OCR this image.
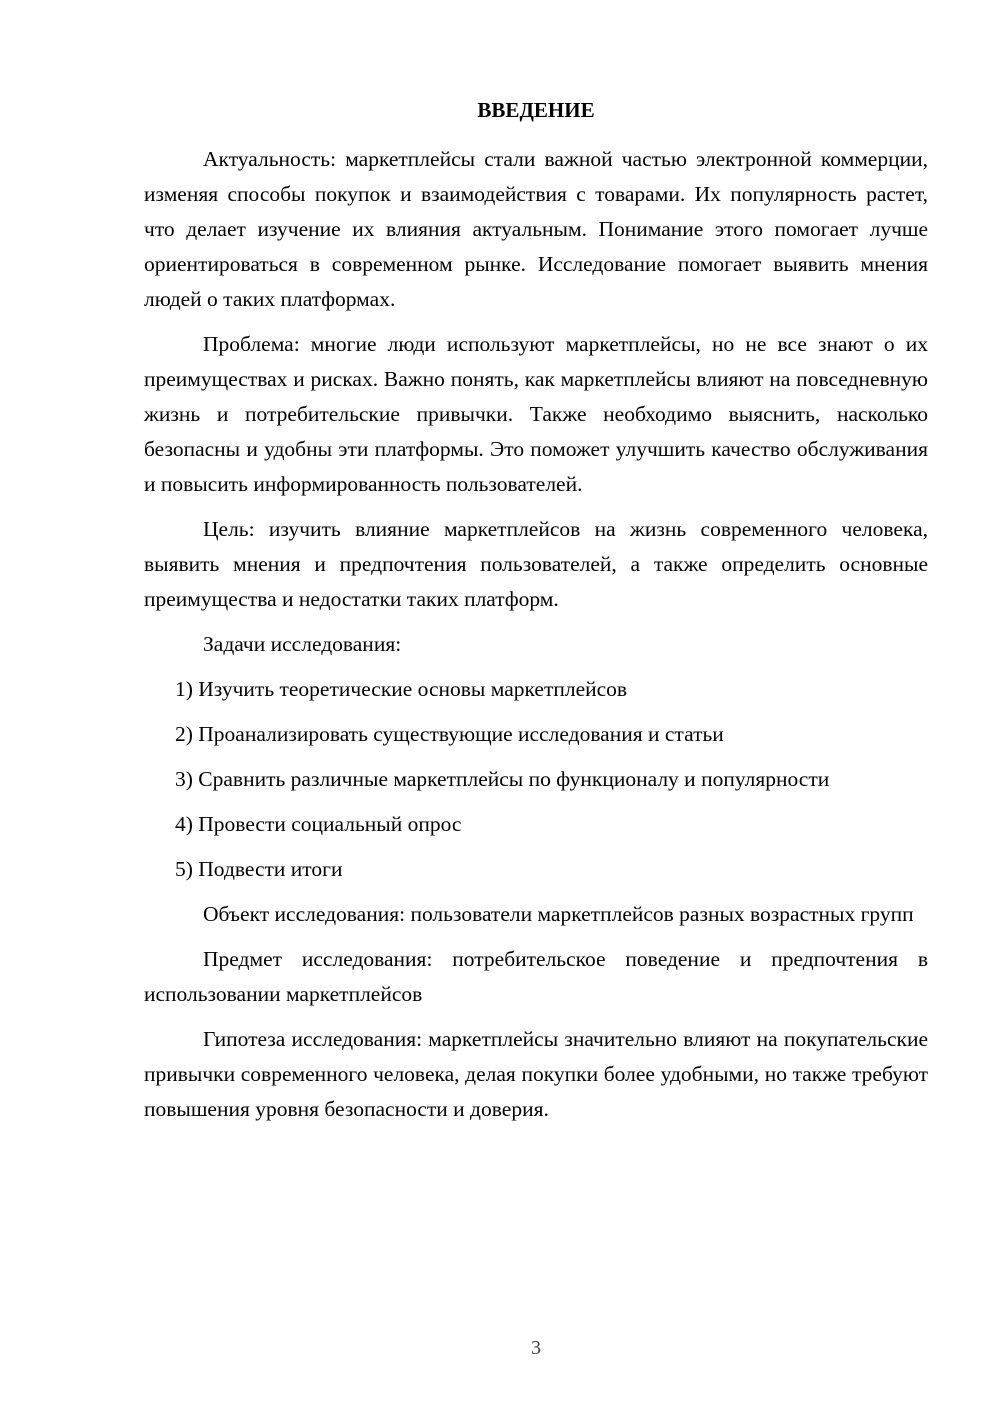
ВВЕДЕНИЕ

Актуальность: маркетплейсы стали важной частью электронной коммерции, изменяя способы покупок и взаимодействия с товарами. Их популярность растет, что делает изучение их влияния актуальным. Понимание этого помогает лучше ориентироваться в современном рынке. Исследование помогает выявить мнения людей о таких платформах.

Проблема: многие люди используют маркетплейсы, но не все знают о их преимуществах и рисках. Важно понять, как маркетплейсы влияют на повседневную жизнь и потребительские привычки. Также необходимо выяснить, насколько безопасны и удобны эти платформы. Это поможет улучшить качество обслуживания и повысить информированность пользователей.

Цель: изучить влияние маркетплейсов на жизнь современного человека, выявить мнения и предпочтения пользователей, а также определить основные преимущества и недостатки таких платформ.

Задачи исследования:

1) Изучить теоретические основы маркетплейсов

2) Проанализировать существующие исследования и статьи

3) Сравнить различные маркетплейсы по функционалу и популярности

4) Провести социальный опрос

5) Подвести итоги

Объект исследования: пользователи маркетплейсов разных возрастных групп

Предмет исследования: потребительское поведение и предпочтения в использовании маркетплейсов

Гипотеза исследования: маркетплейсы значительно влияют на покупательские привычки современного человека, делая покупки более удобными, но также требуют повышения уровня безопасности и доверия.

3
